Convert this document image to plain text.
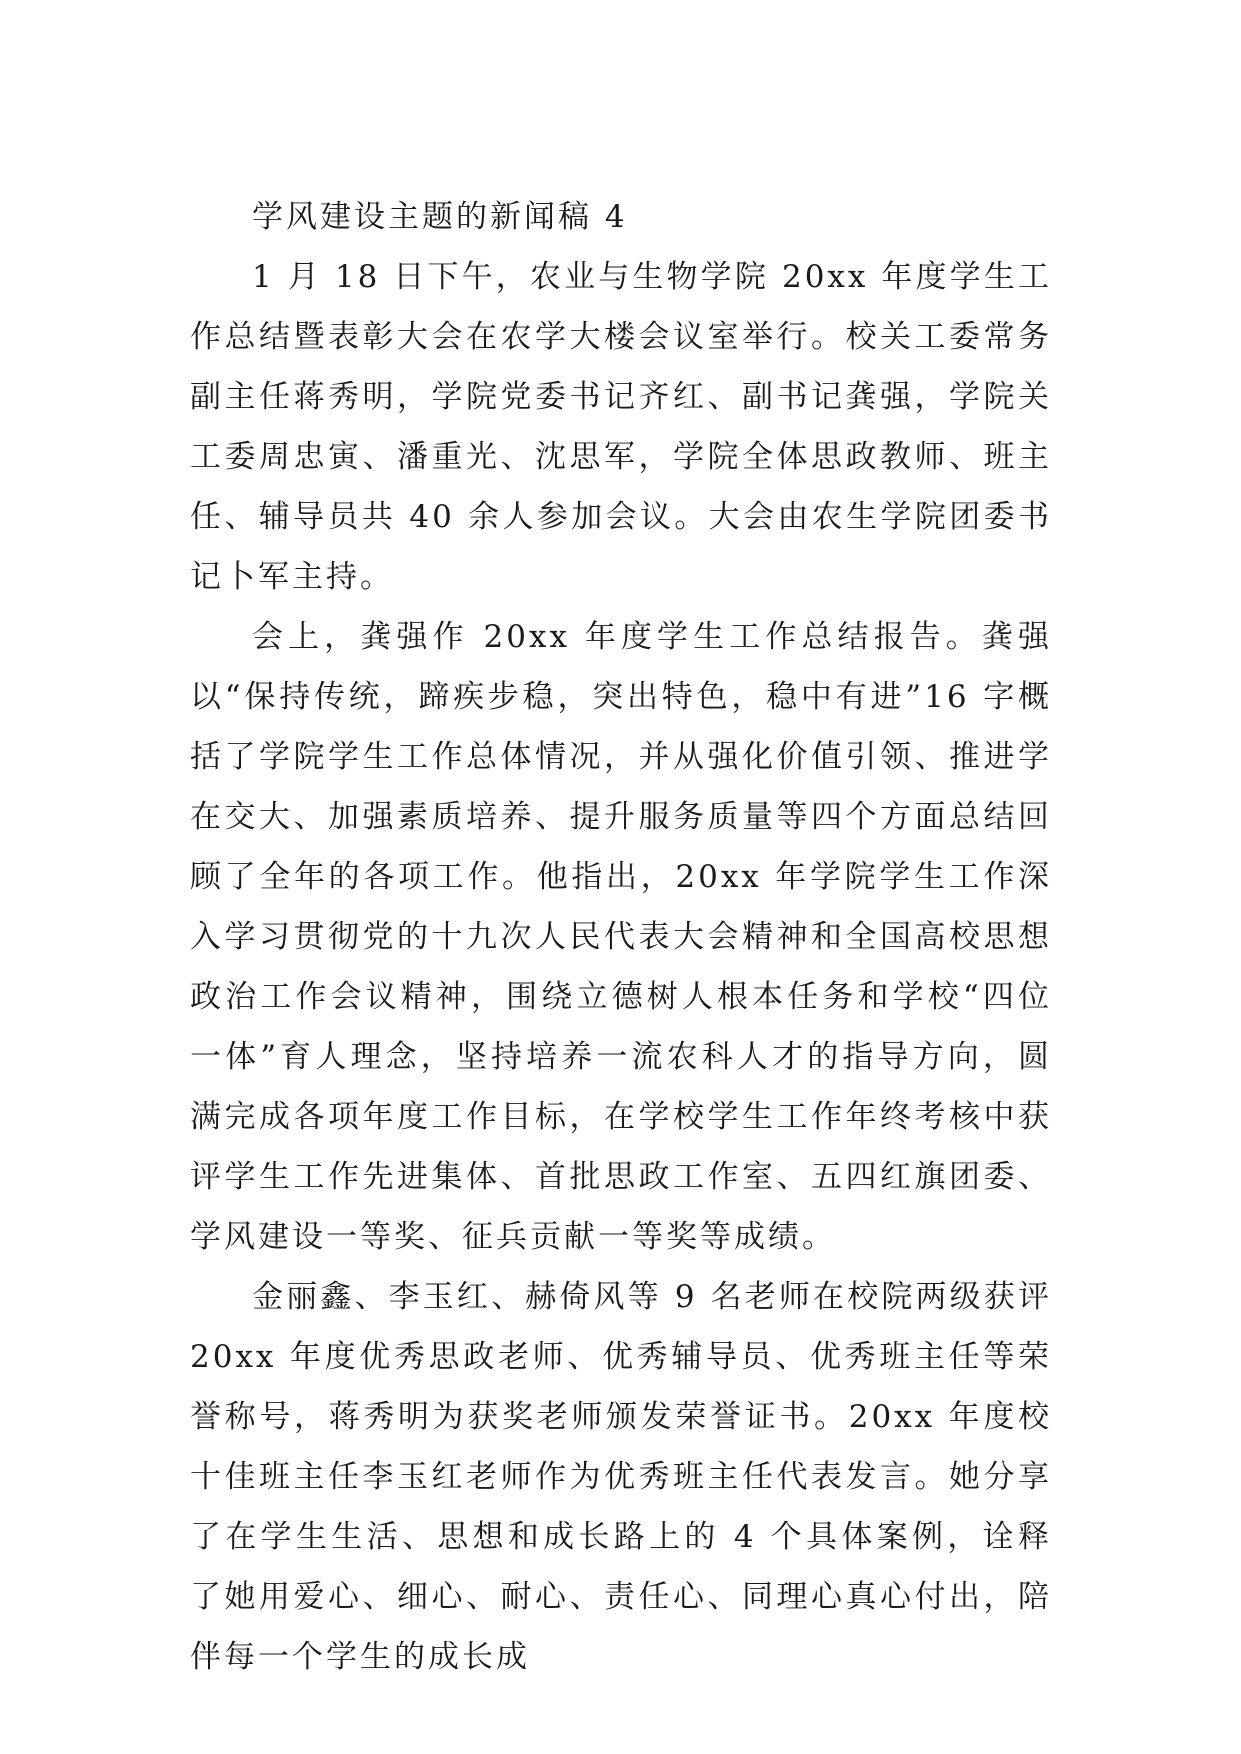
学风建设主题的新闻稿 4

1 月 18 日下午，农业与生物学院 20xx 年度学生工作总结暨表彰大会在农学大楼会议室举行。校关工委常务副主任蒋秀明，学院党委书记齐红、副书记龚强，学院关工委周忠寅、潘重光、沈思军，学院全体思政教师、班主任、辅导员共 40 余人参加会议。大会由农生学院团委书记卜军主持。

会上，龚强作 20xx 年度学生工作总结报告。龚强以“保持传统，蹄疾步稳，突出特色，稳中有进”16 字概括了学院学生工作总体情况，并从强化价值引领、推进学在交大、加强素质培养、提升服务质量等四个方面总结回顾了全年的各项工作。他指出，20xx 年学院学生工作深入学习贯彻党的十九次人民代表大会精神和全国高校思想政治工作会议精神，围绕立德树人根本任务和学校“四位一体”育人理念，坚持培养一流农科人才的指导方向，圆满完成各项年度工作目标，在学校学生工作年终考核中获评学生工作先进集体、首批思政工作室、五四红旗团委、学风建设一等奖、征兵贡献一等奖等成绩。

金丽鑫、李玉红、赫倚风等 9 名老师在校院两级获评 20xx 年度优秀思政老师、优秀辅导员、优秀班主任等荣誉称号，蒋秀明为获奖老师颁发荣誉证书。20xx 年度校十佳班主任李玉红老师作为优秀班主任代表发言。她分享了在学生生活、思想和成长路上的 4 个具体案例，诠释了她用爱心、细心、耐心、责任心、同理心真心付出，陪伴每一个学生的成长成
